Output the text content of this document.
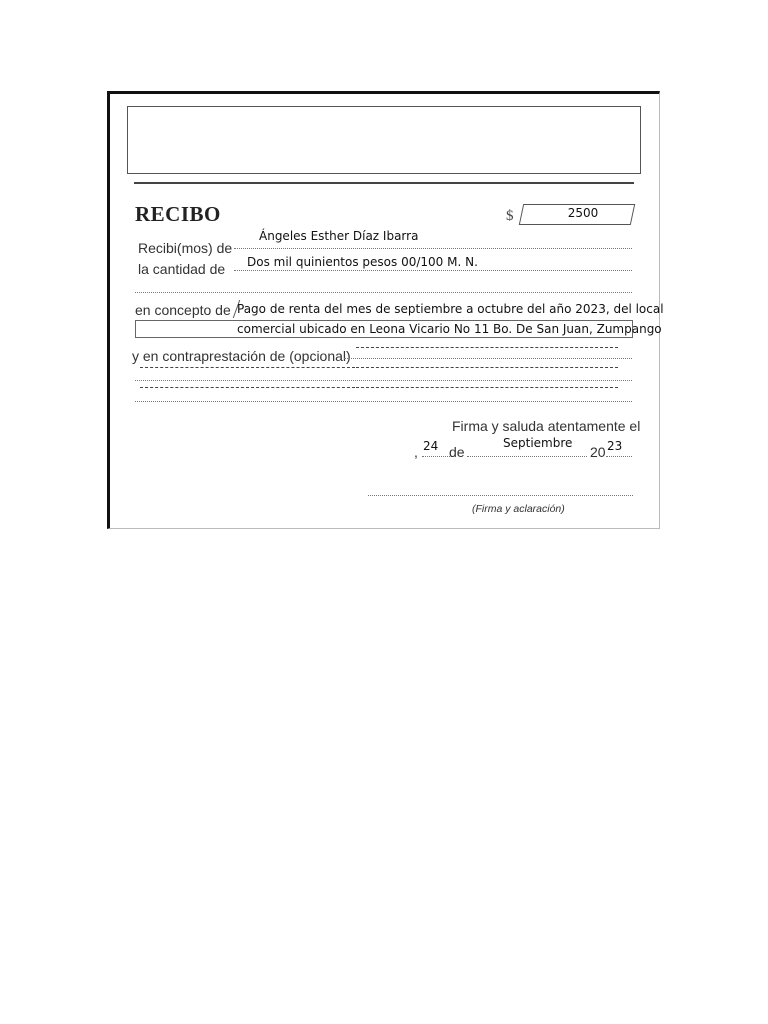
RECIBO	$	2500
Ángeles Esther Díaz Ibarra
Recibi(mos) de
Dos mil quinientos pesos 00/100 M. N.
la cantidad de
en concepto de Pago de renta del mes de septiembre a octubre del año 2023, del local
comercial ubicado en Leona Vicario No 11 Bo. De San Juan, Zumpango
y en contraprestación de (opcional)
Firma y saluda atentamente el
, 24 de
Septiembre
20 23
(Firma y aclaración)
